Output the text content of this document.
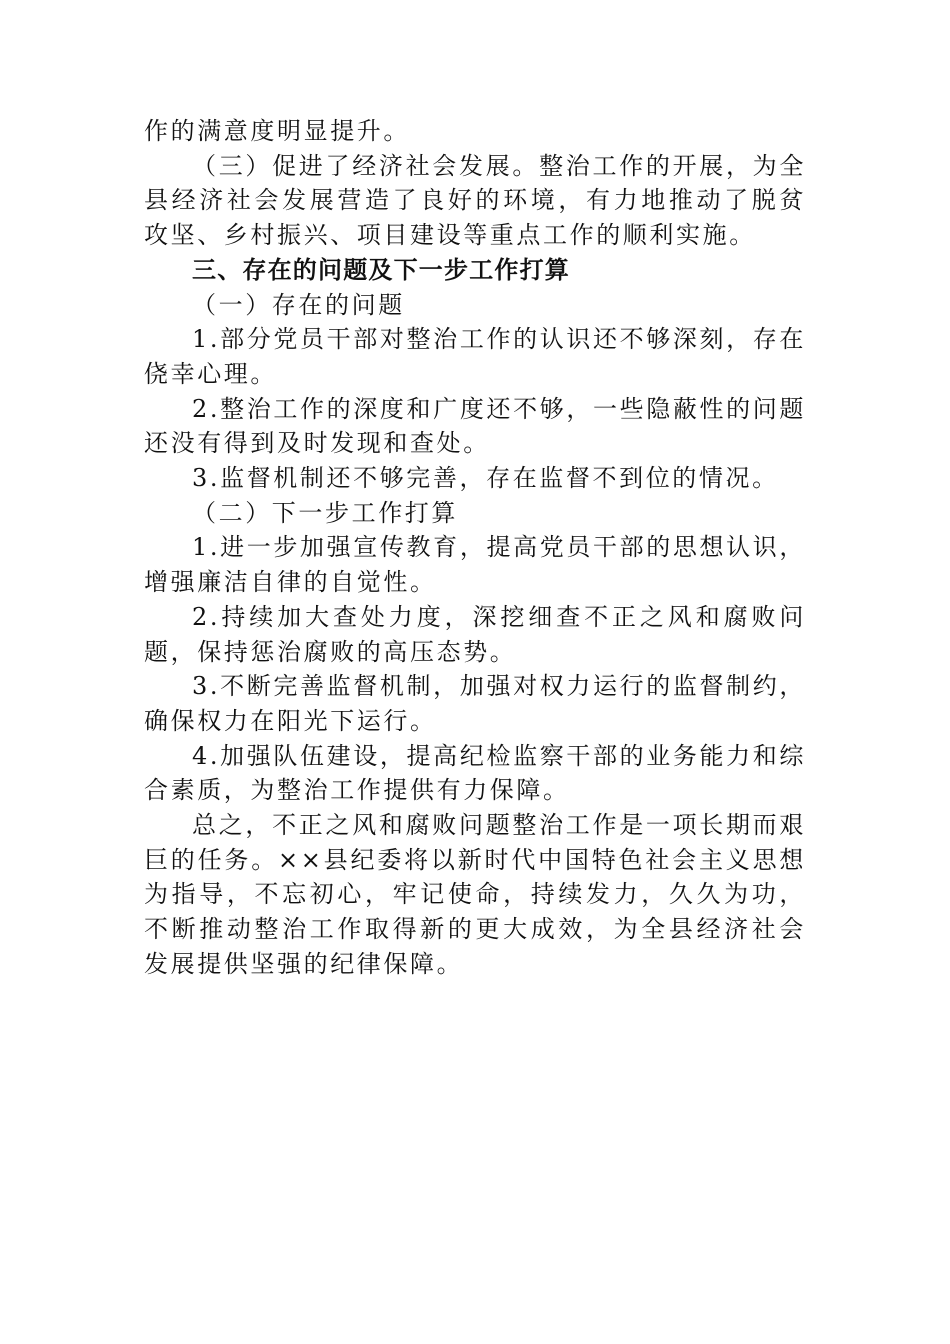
作的满意度明显提升。

（三）促进了经济社会发展。整治工作的开展，为全县经济社会发展营造了良好的环境，有力地推动了脱贫攻坚、乡村振兴、项目建设等重点工作的顺利实施。

三、存在的问题及下一步工作打算

（一）存在的问题

1.部分党员干部对整治工作的认识还不够深刻，存在侥幸心理。

2.整治工作的深度和广度还不够，一些隐蔽性的问题还没有得到及时发现和查处。

3.监督机制还不够完善，存在监督不到位的情况。

（二）下一步工作打算

1.进一步加强宣传教育，提高党员干部的思想认识，增强廉洁自律的自觉性。

2.持续加大查处力度，深挖细查不正之风和腐败问题，保持惩治腐败的高压态势。

3.不断完善监督机制，加强对权力运行的监督制约，确保权力在阳光下运行。

4.加强队伍建设，提高纪检监察干部的业务能力和综合素质，为整治工作提供有力保障。

总之，不正之风和腐败问题整治工作是一项长期而艰巨的任务。××县纪委将以新时代中国特色社会主义思想为指导，不忘初心，牢记使命，持续发力，久久为功，不断推动整治工作取得新的更大成效，为全县经济社会发展提供坚强的纪律保障。
